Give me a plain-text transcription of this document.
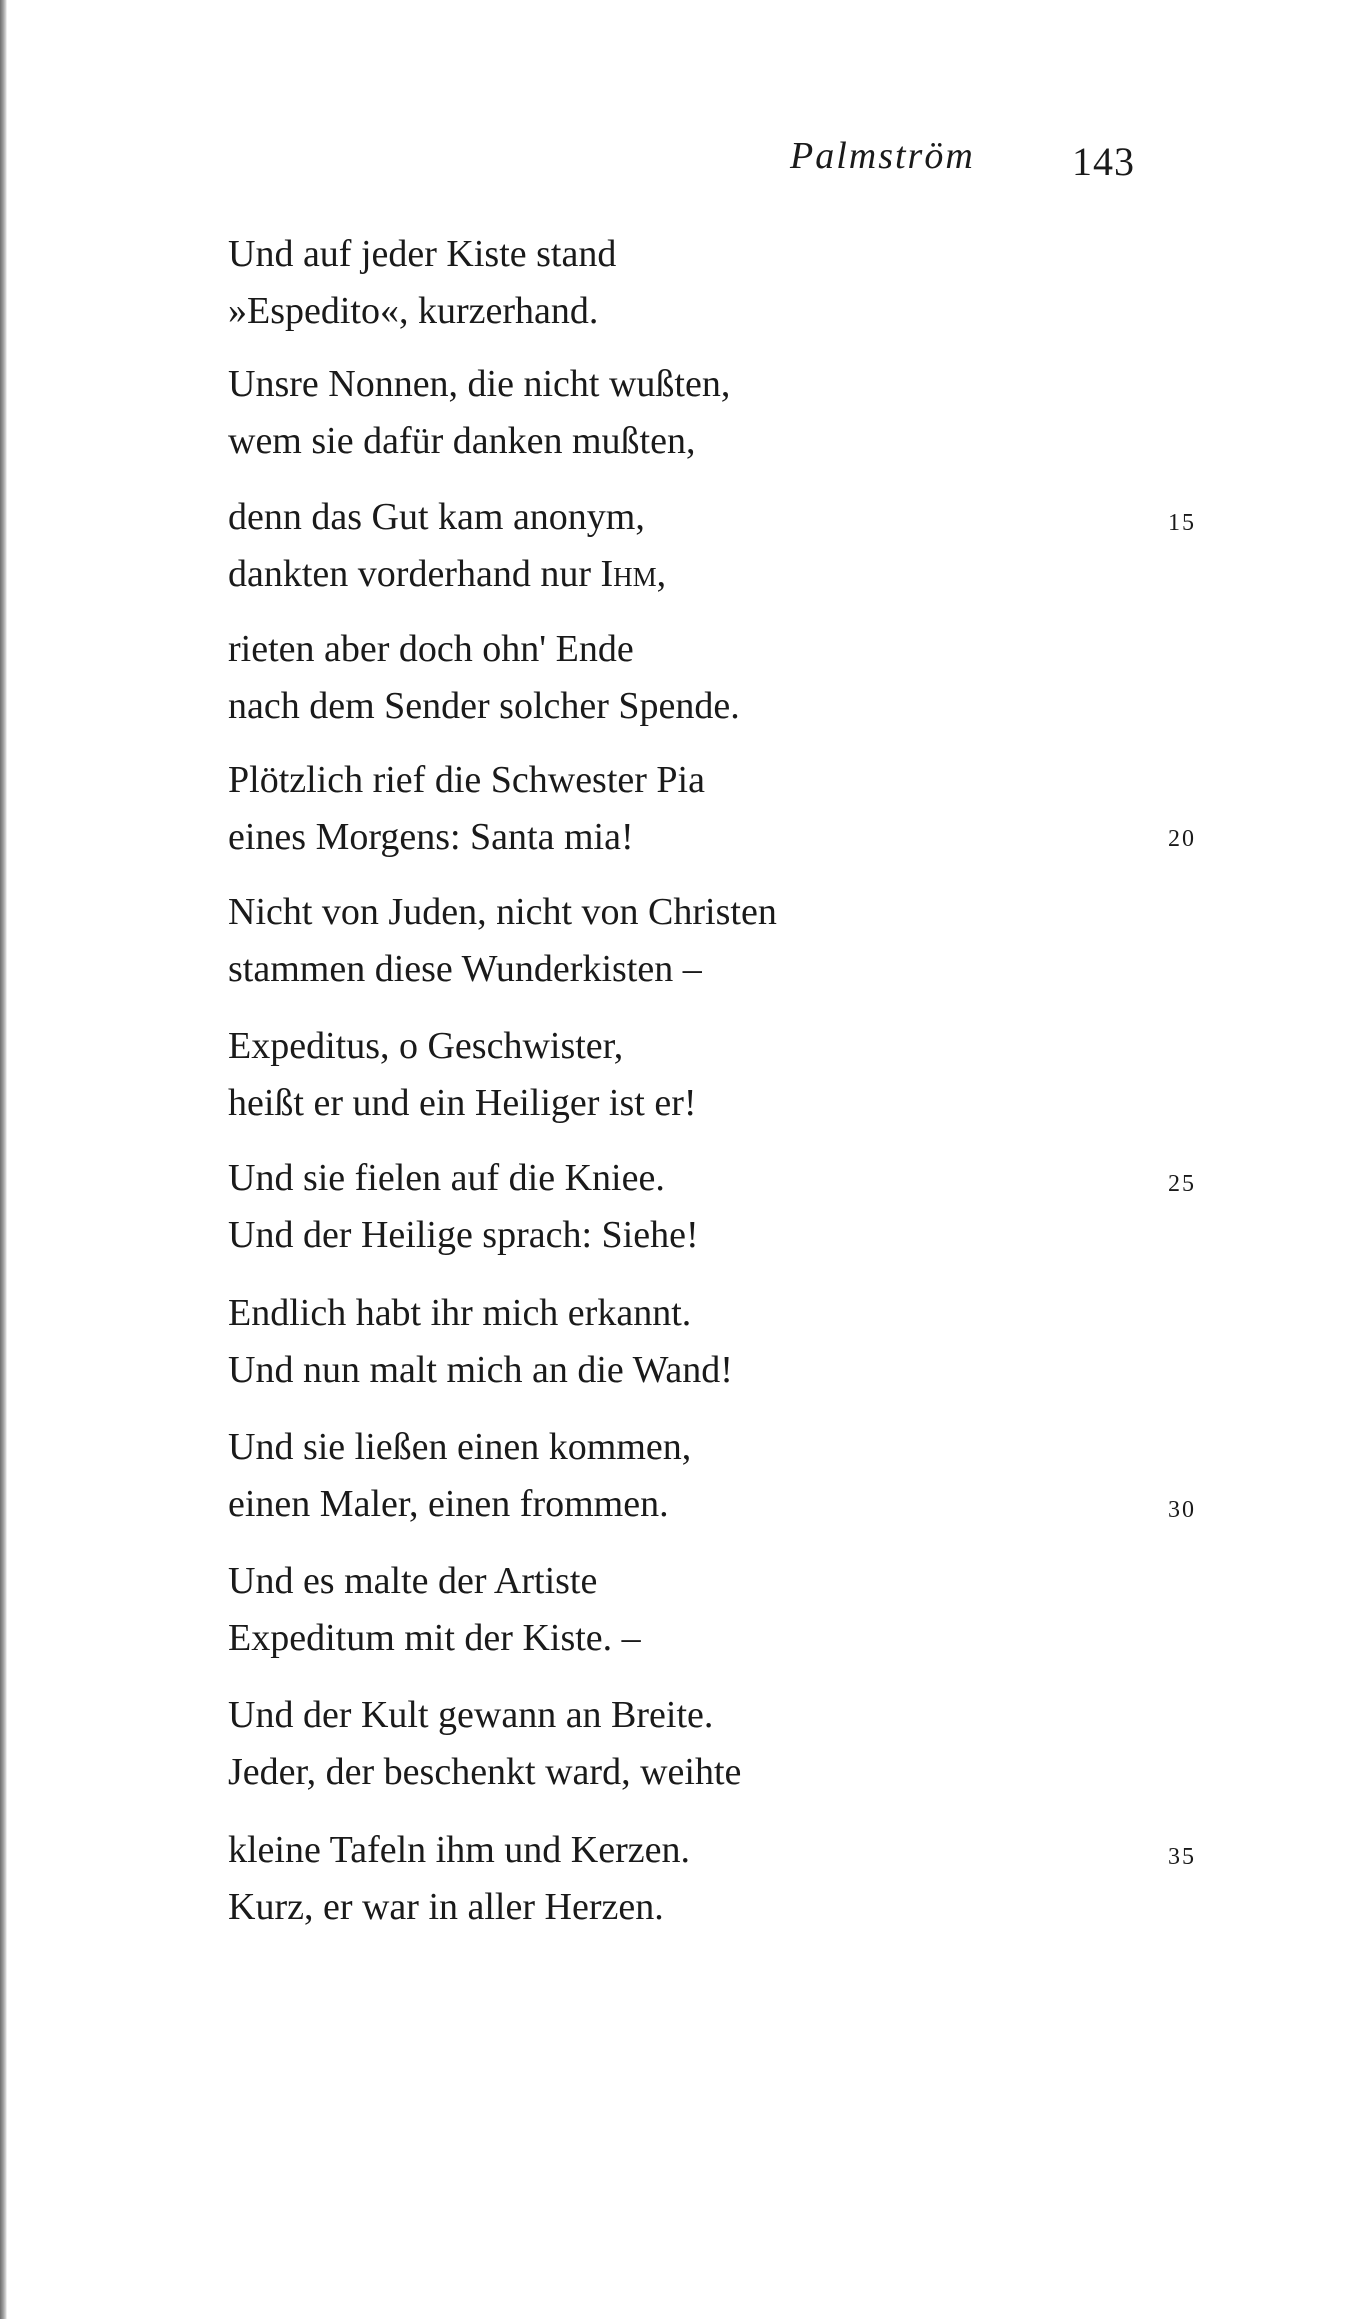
Palmström 143

Und auf jeder Kiste stand
»Espedito«, kurzerhand.

Unsre Nonnen, die nicht wußten,
wem sie dafür danken mußten,

denn das Gut kam anonym,
dankten vorderhand nur Ihm,

rieten aber doch ohn' Ende
nach dem Sender solcher Spende.

Plötzlich rief die Schwester Pia
eines Morgens: Santa mia!

Nicht von Juden, nicht von Christen
stammen diese Wunderkisten –

Expeditus, o Geschwister,
heißt er und ein Heiliger ist er!

Und sie fielen auf die Kniee.
Und der Heilige sprach: Siehe!

Endlich habt ihr mich erkannt.
Und nun malt mich an die Wand!

Und sie ließen einen kommen,
einen Maler, einen frommen.

Und es malte der Artiste
Expeditum mit der Kiste. –

Und der Kult gewann an Breite.
Jeder, der beschenkt ward, weihte

kleine Tafeln ihm und Kerzen.
Kurz, er war in aller Herzen.

15
20
25
30
35
